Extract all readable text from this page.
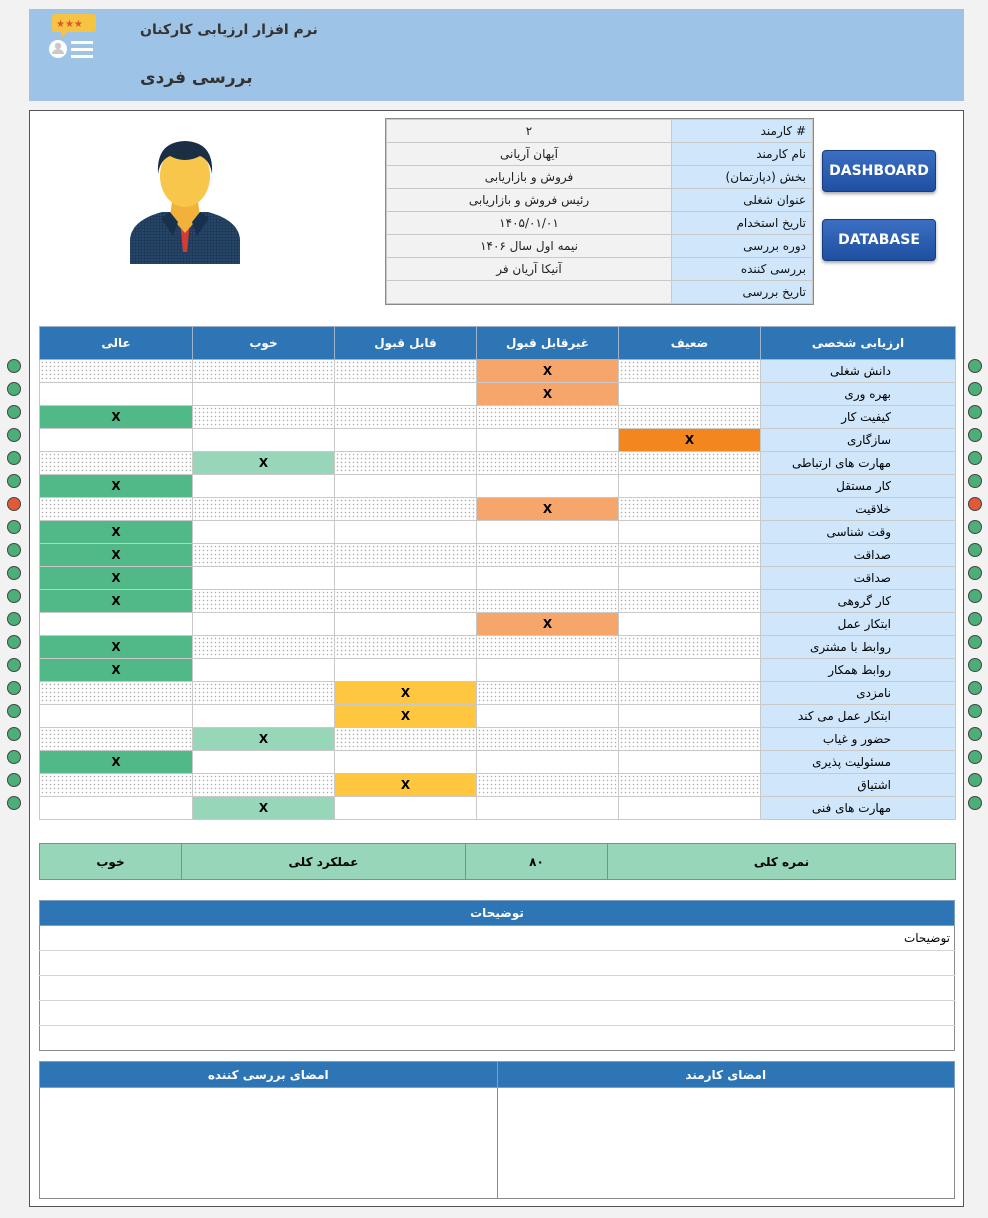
★★★	نرم افزار ارزیابی کارکنان
بررسی فردی
۲	کارمند #
آیهان آریانی	نام کارمند
فروش و بازاریابی	بخش (دپارتمان)
رئیس فروش و بازاریابی	عنوان شغلی
۱۴۰۵/۰۱/۰۱	تاریخ استخدام
نیمه اول سال ۱۴۰۶	دوره بررسی
آنیکا آریان فر	بررسی کننده
	تاریخ بررسی
DASHBOARD
DATABASE
عالی	خوب	قابل قبول	غیرقابل قبول	ضعیف	ارزیابی شخصی
			X		دانش شغلی
			X		بهره وری
X					کیفیت کار
				X	سازگاری
	X				مهارت های ارتباطی
X					کار مستقل
			X		خلاقیت
X					وقت شناسی
X					صداقت
X					صداقت
X					کار گروهی
			X		ابتکار عمل
X					روابط با مشتری
X					روابط همکار
		X			نامزدی
		X			ابتکار عمل می کند
	X				حضور و غیاب
X					مسئولیت پذیری
		X			اشتیاق
	X				مهارت های فنی
خوب	عملکرد کلی	۸۰	نمره کلی
توضیحات
توضیحات

امضای بررسی کننده	امضای کارمند
